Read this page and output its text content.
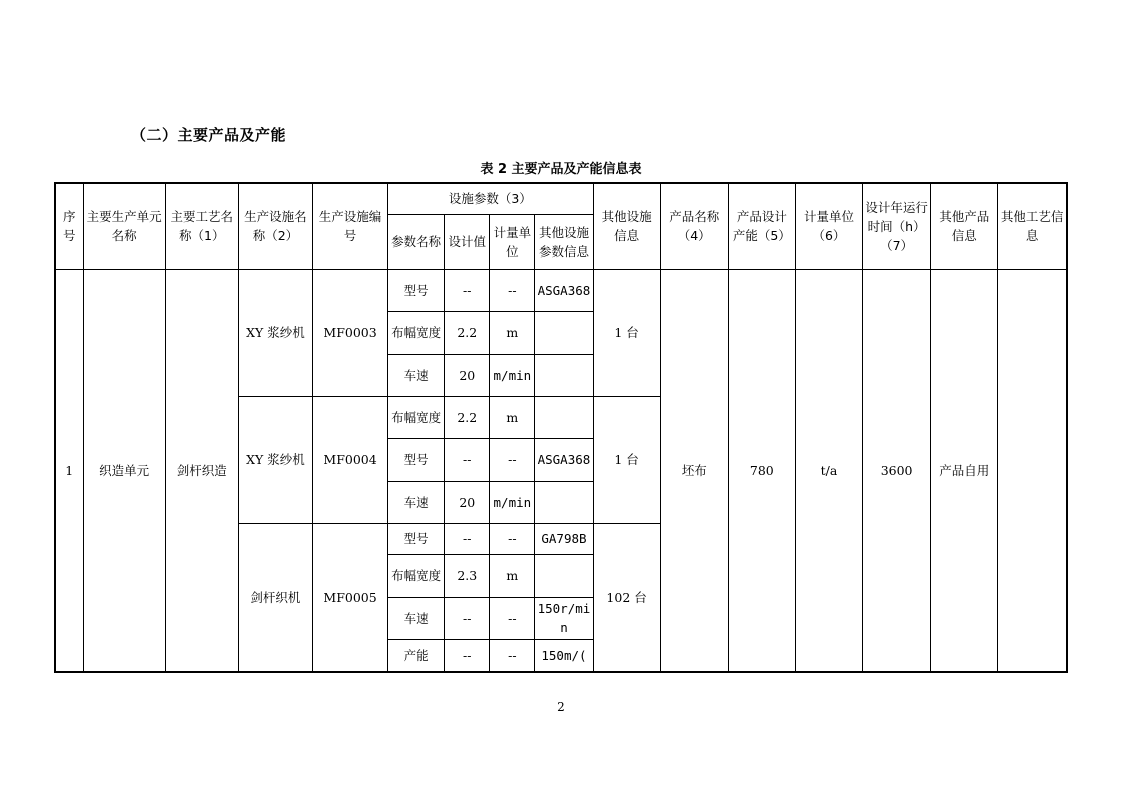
（二）主要产品及产能
表 2 主要产品及产能信息表
序号	主要生产单元名称	主要工艺名称（1）	生产设施名称（2）	生产设施编号	设施参数（3）				其他设施信息	产品名称（4）	产品设计产能（5）	计量单位（6）	设计年运行时间（h）（7）	其他产品信息	其他工艺信息
					参数名称	设计值	计量单位	其他设施参数信息							
1	织造单元	剑杆织造	XY 浆纱机	MF0003	型号	--	--	ASGA368	1 台	坯布	780	t/a	3600	产品自用	
					布幅宽度	2.2	m								
					车速	20	m/min								
			XY 浆纱机	MF0004	布幅宽度	2.2	m		1 台						
					型号	--	--	ASGA368							
					车速	20	m/min								
			剑杆织机	MF0005	型号	--	--	GA798B	102 台						
					布幅宽度	2.3	m								
					车速	--	--	150r/min							
					产能	--	--	150m/(							
2
